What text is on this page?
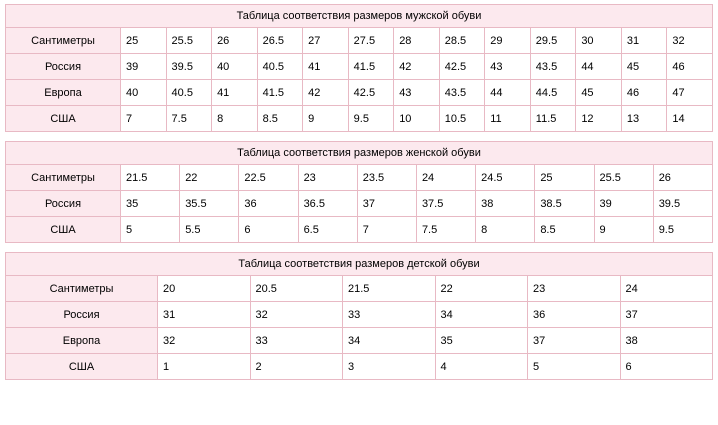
Таблица соответствия размеров мужской обуви													
Сантиметры	25	25.5	26	26.5	27	27.5	28	28.5	29	29.5	30	31	32
Россия	39	39.5	40	40.5	41	41.5	42	42.5	43	43.5	44	45	46
Европа	40	40.5	41	41.5	42	42.5	43	43.5	44	44.5	45	46	47
США	7	7.5	8	8.5	9	9.5	10	10.5	11	11.5	12	13	14
Таблица соответствия размеров женской обуви										
Сантиметры	21.5	22	22.5	23	23.5	24	24.5	25	25.5	26
Россия	35	35.5	36	36.5	37	37.5	38	38.5	39	39.5
США	5	5.5	6	6.5	7	7.5	8	8.5	9	9.5
Таблица соответствия размеров детской обуви						
Сантиметры	20	20.5	21.5	22	23	24
Россия	31	32	33	34	36	37
Европа	32	33	34	35	37	38
США	1	2	3	4	5	6
